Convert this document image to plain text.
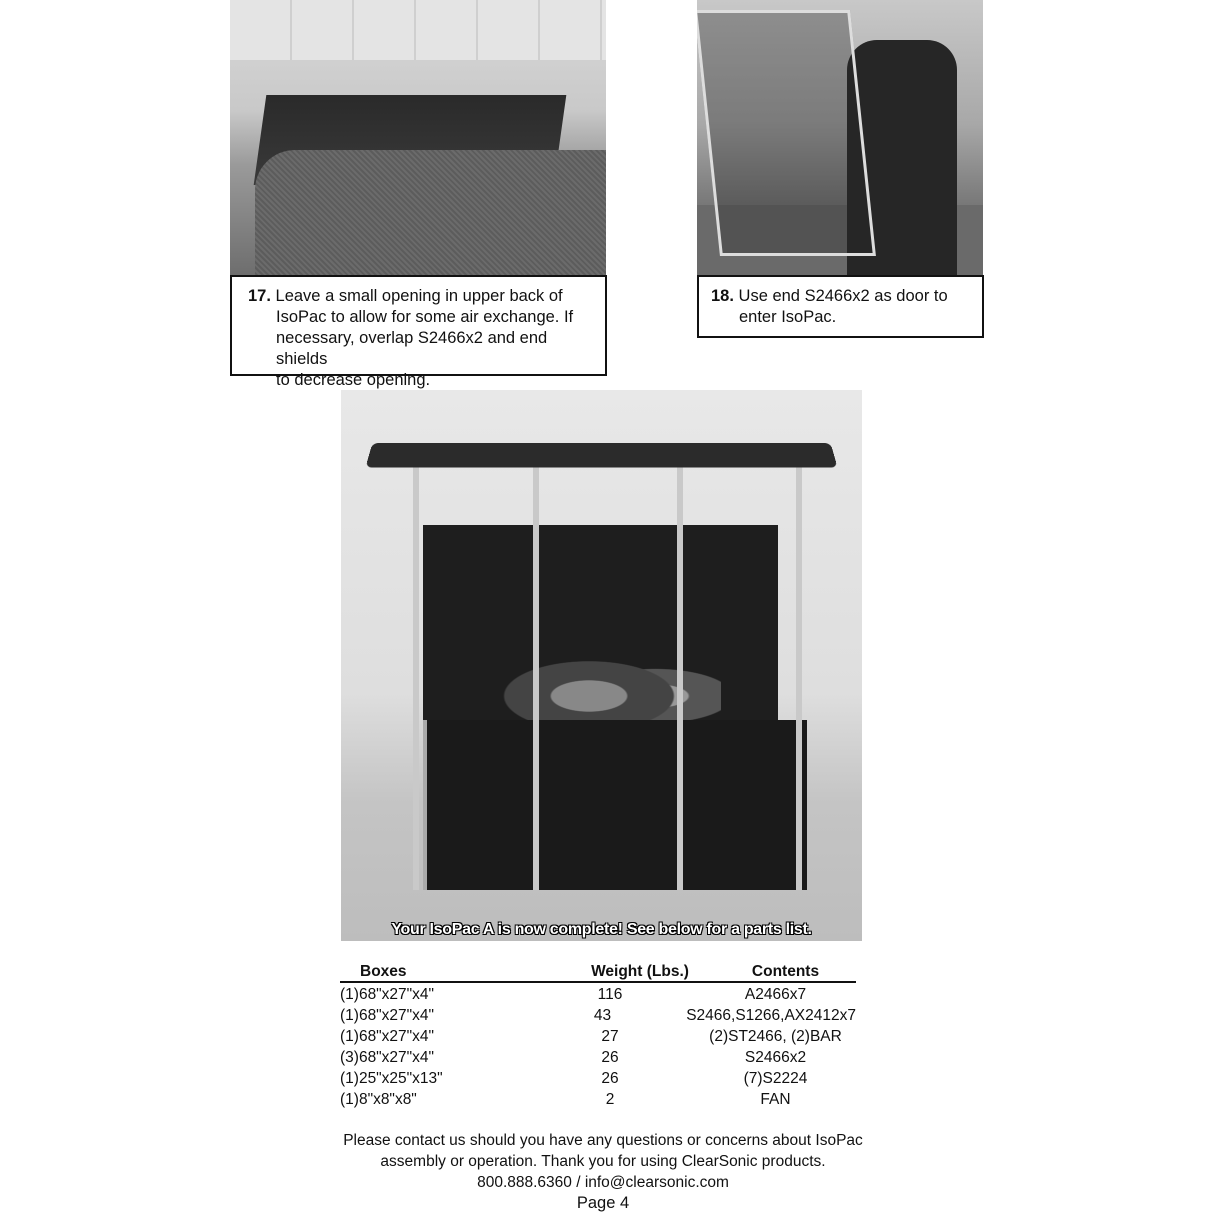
17. Leave a small opening in upper back of
IsoPac to allow for some air exchange. If
necessary, overlap S2466x2 and end shields
to decrease opening.
18. Use end S2466x2 as door to
enter IsoPac.
Your IsoPac A is now complete! See below for a parts list.
Boxes	Weight (Lbs.)	Contents
(1)68"x27"x4"	116	A2466x7
(1)68"x27"x4"	43	S2466,S1266,AX2412x7
(1)68"x27"x4"	27	(2)ST2466, (2)BAR
(3)68"x27"x4"	26	S2466x2
(1)25"x25"x13"	26	(7)S2224
(1)8"x8"x8"	2	FAN
Please contact us should you have any questions or concerns about IsoPac
assembly or operation. Thank you for using ClearSonic products.
800.888.6360 / info@clearsonic.com
Page 4
